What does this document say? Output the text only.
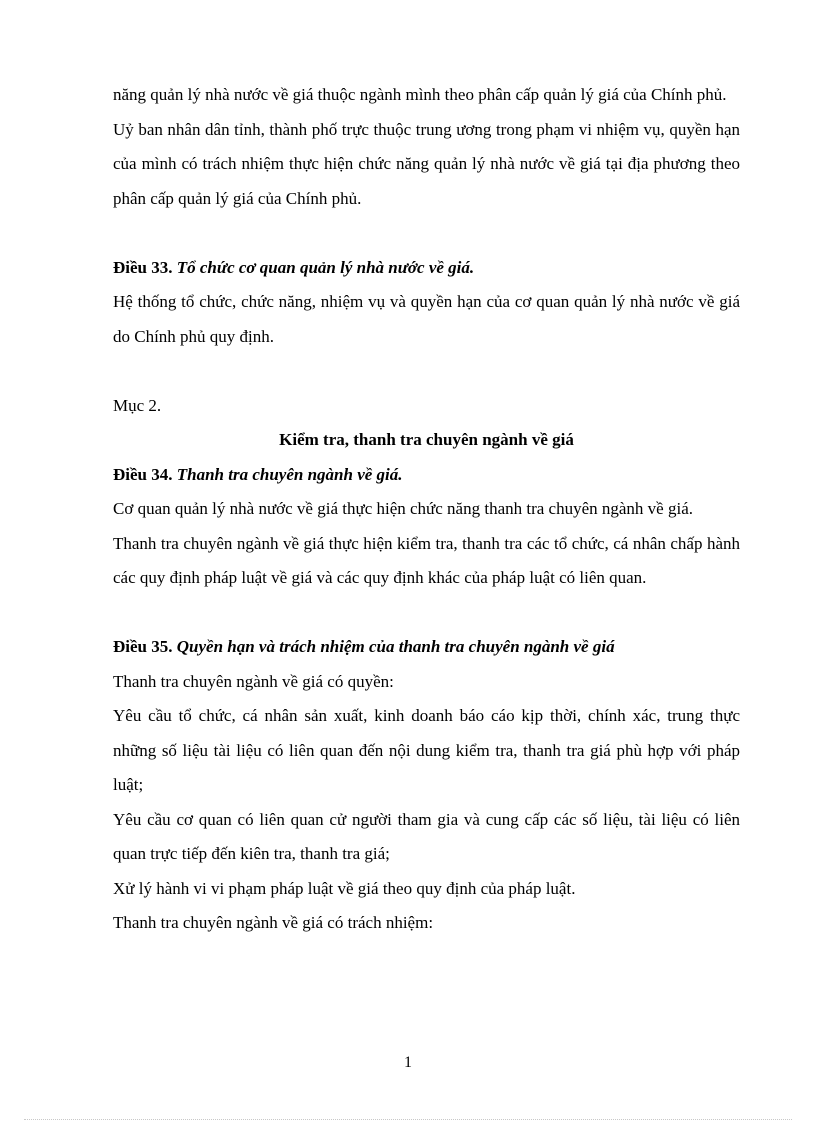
năng quản lý nhà nước về giá thuộc ngành mình theo phân cấp quản lý giá của Chính phủ.

Uỷ ban nhân dân tỉnh, thành phố trực thuộc trung ương trong phạm vi nhiệm vụ, quyền hạn của mình có trách nhiệm thực hiện chức năng quản lý nhà nước về giá tại địa phương theo phân cấp quản lý giá của Chính phủ.

Điều 33. Tổ chức cơ quan quản lý nhà nước về giá.

Hệ thống tổ chức, chức năng, nhiệm vụ và quyền hạn của cơ quan quản lý nhà nước về giá do Chính phủ quy định.

Mục 2.

Kiểm tra, thanh tra chuyên ngành về giá

Điều 34. Thanh tra chuyên ngành về giá.

Cơ quan quản lý nhà nước về giá thực hiện chức năng thanh tra chuyên ngành về giá.

Thanh tra chuyên ngành về giá thực hiện kiểm tra, thanh tra các tổ chức, cá nhân chấp hành các quy định pháp luật về giá và các quy định khác của pháp luật có liên quan.

Điều 35. Quyền hạn và trách nhiệm của thanh tra chuyên ngành về giá

Thanh tra chuyên ngành về giá có quyền:

Yêu cầu tổ chức, cá nhân sản xuất, kinh doanh báo cáo kịp thời, chính xác, trung thực những số liệu tài liệu có liên quan đến nội dung kiểm tra, thanh tra giá phù hợp với pháp luật;

Yêu cầu cơ quan có liên quan cử người tham gia và cung cấp các số liệu, tài liệu có liên quan trực tiếp đến kiên tra, thanh tra giá;

Xử lý hành vi vi phạm pháp luật về giá theo quy định của pháp luật.

Thanh tra chuyên ngành về giá có trách nhiệm:

1
